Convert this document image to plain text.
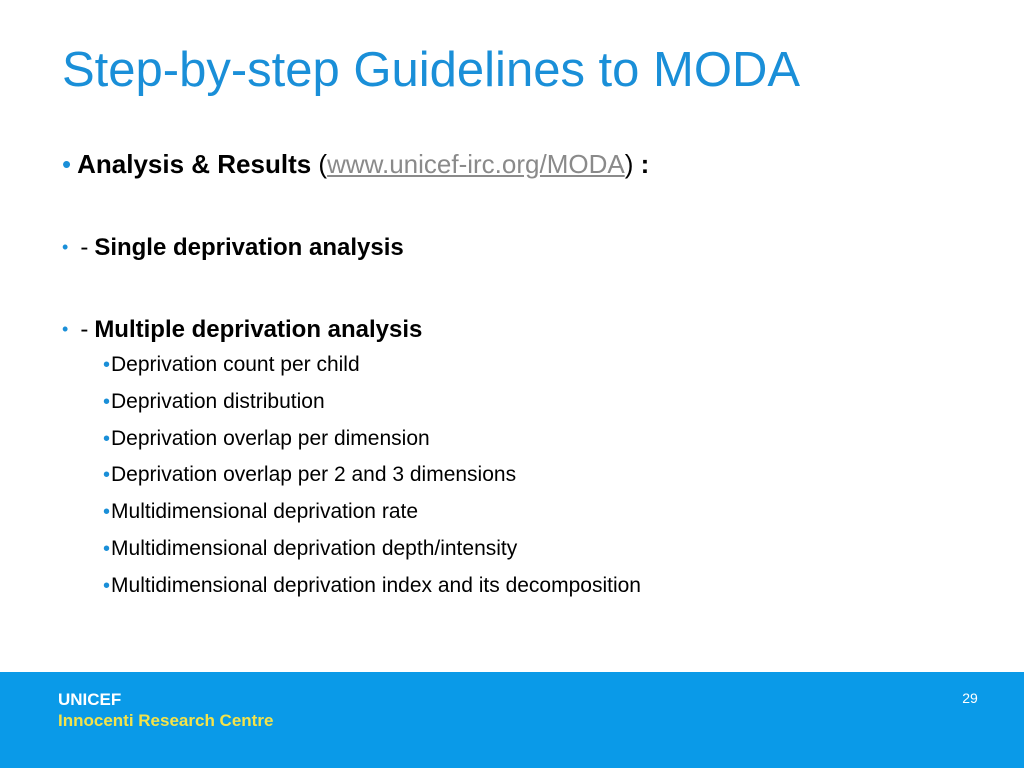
Step-by-step Guidelines to MODA
• Analysis & Results (www.unicef-irc.org/MODA) :
• - Single deprivation analysis
• - Multiple deprivation analysis
•Deprivation count per child
•Deprivation distribution
•Deprivation overlap per dimension
•Deprivation overlap per 2 and 3 dimensions
•Multidimensional deprivation rate
•Multidimensional deprivation depth/intensity
•Multidimensional deprivation index and its decomposition
UNICEF
Innocenti Research Centre
29
